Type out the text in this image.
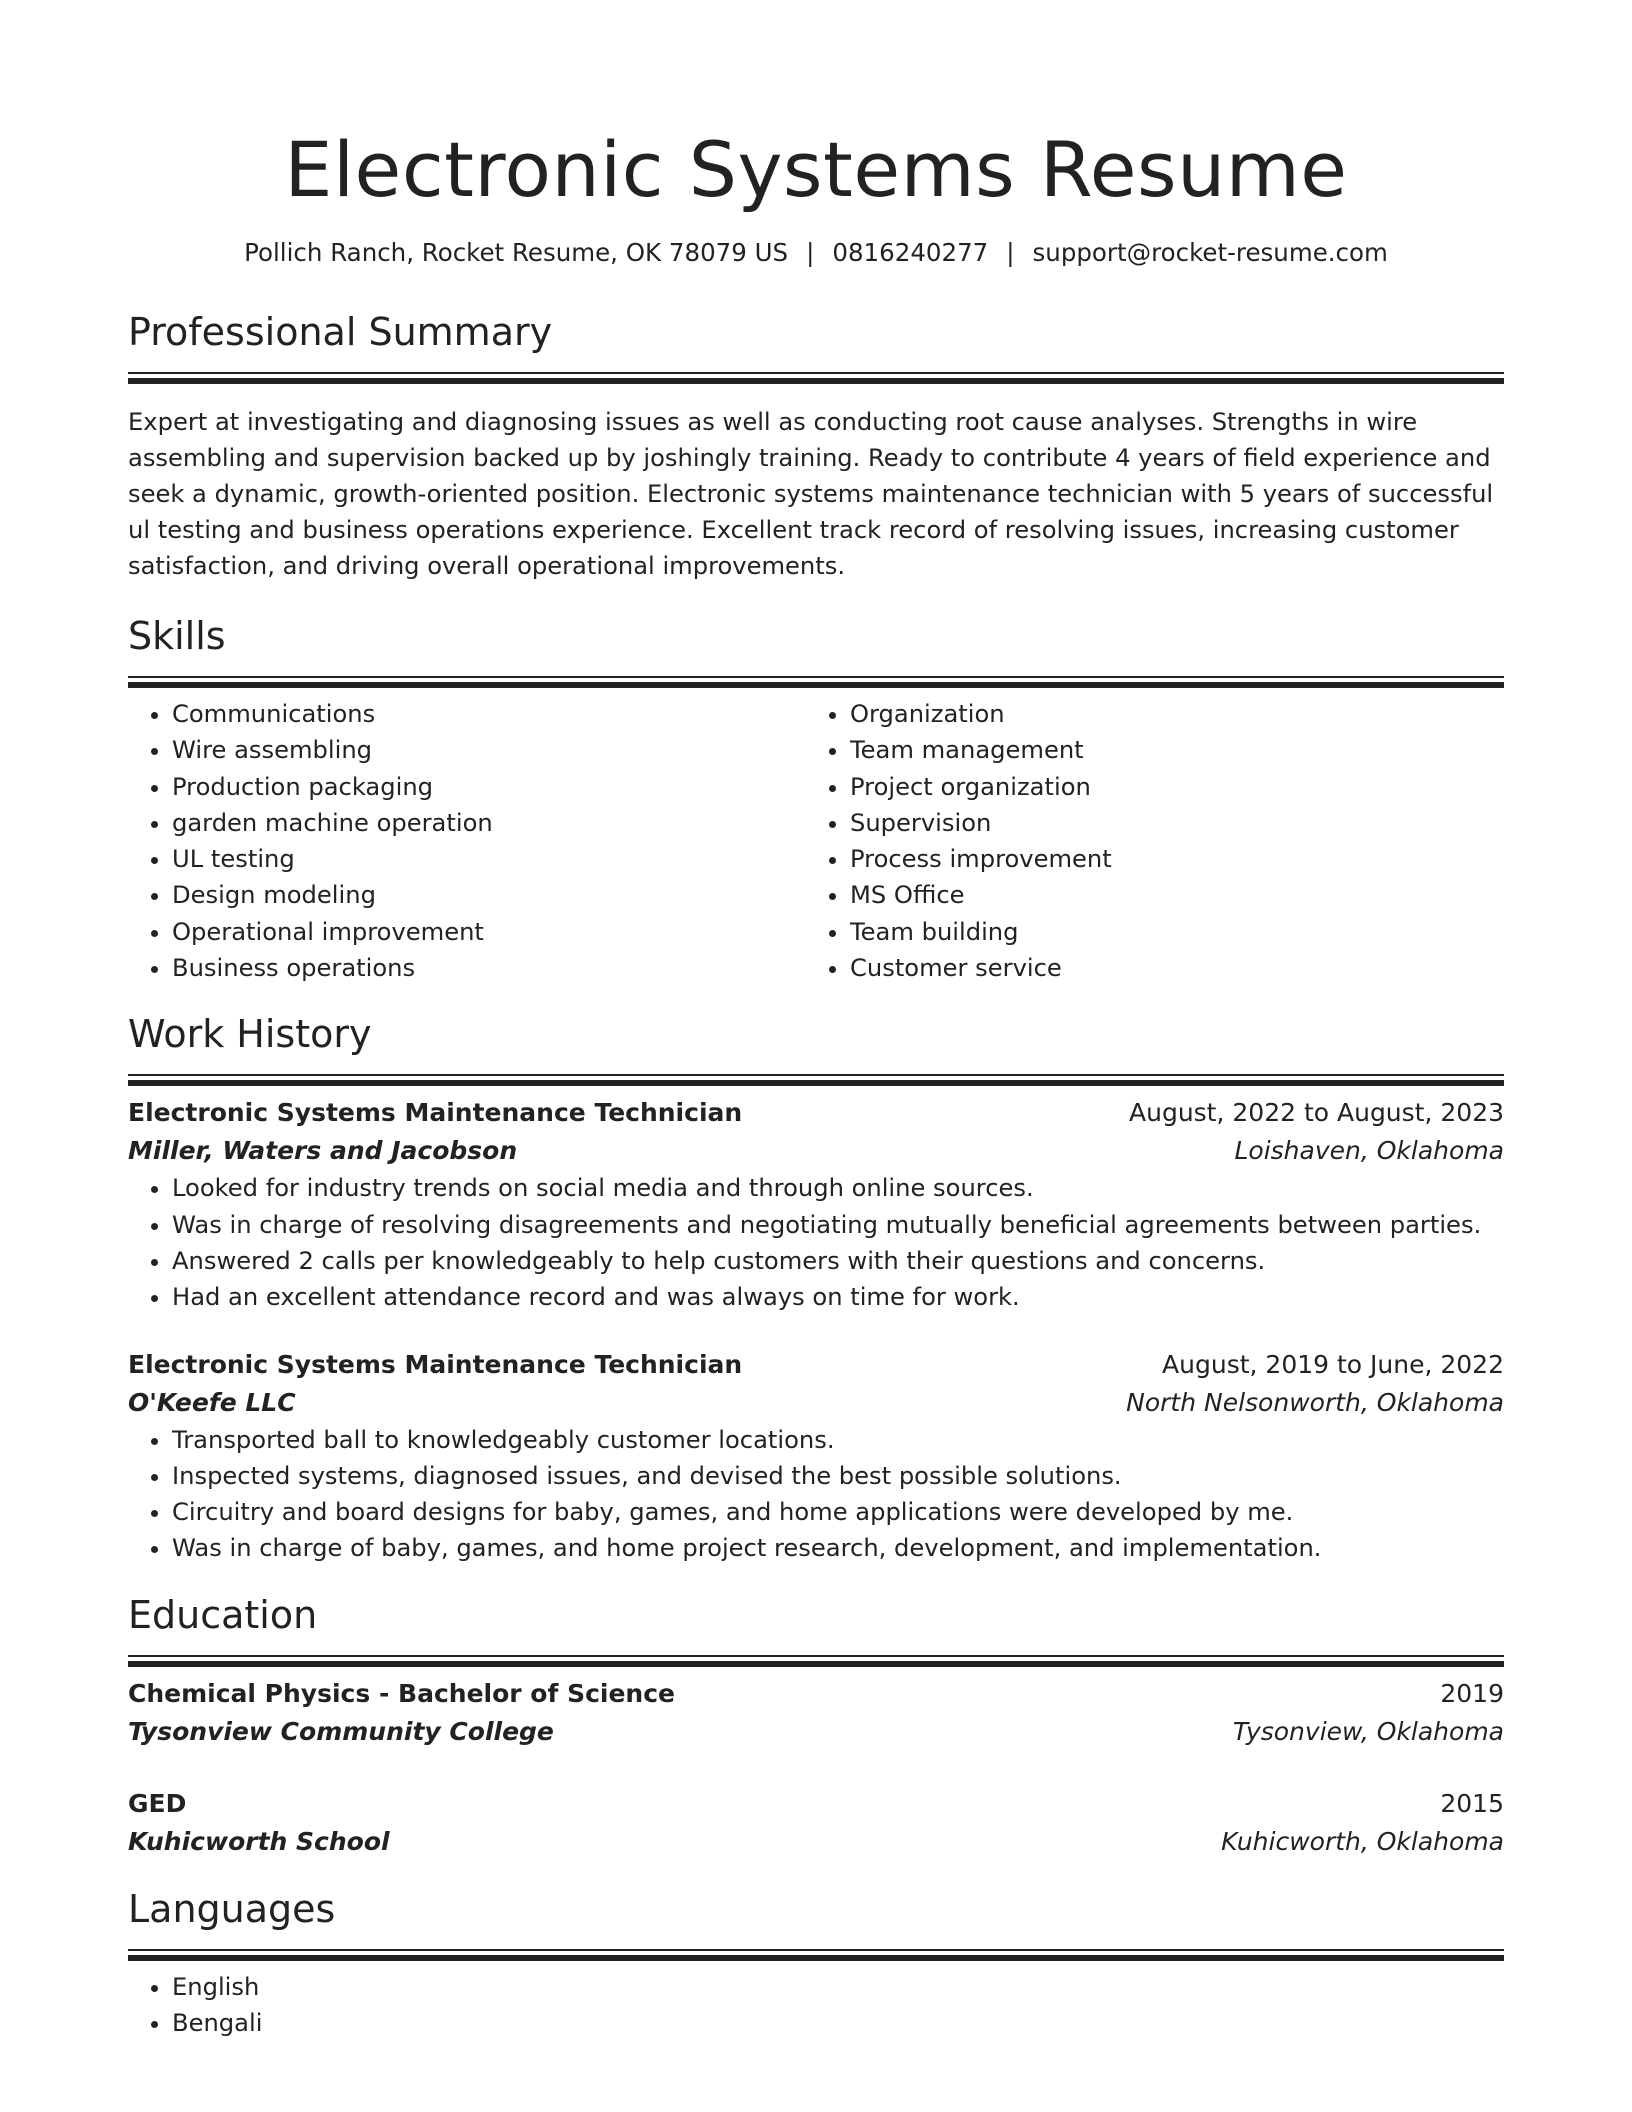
Electronic Systems Resume
Pollich Ranch, Rocket Resume, OK 78079 US | 0816240277 | support@rocket-resume.com
Professional Summary

Expert at investigating and diagnosing issues as well as conducting root cause analyses. Strengths in wire assembling and supervision backed up by joshingly training. Ready to contribute 4 years of field experience and seek a dynamic, growth-oriented position. Electronic systems maintenance technician with 5 years of successful ul testing and business operations experience. Excellent track record of resolving issues, increasing customer satisfaction, and driving overall operational improvements.

Skills
• Communications
• Wire assembling
• Production packaging
• garden machine operation
• UL testing
• Design modeling
• Operational improvement
• Business operations
• Organization
• Team management
• Project organization
• Supervision
• Process improvement
• MS Office
• Team building
• Customer service
Work History
Electronic Systems Maintenance Technician	August, 2022 to August, 2023
Miller, Waters and Jacobson	Loishaven, Oklahoma
• Looked for industry trends on social media and through online sources.
• Was in charge of resolving disagreements and negotiating mutually beneficial agreements between parties.
• Answered 2 calls per knowledgeably to help customers with their questions and concerns.
• Had an excellent attendance record and was always on time for work.
Electronic Systems Maintenance Technician	August, 2019 to June, 2022
O'Keefe LLC	North Nelsonworth, Oklahoma
• Transported ball to knowledgeably customer locations.
• Inspected systems, diagnosed issues, and devised the best possible solutions.
• Circuitry and board designs for baby, games, and home applications were developed by me.
• Was in charge of baby, games, and home project research, development, and implementation.
Education
Chemical Physics - Bachelor of Science	2019
Tysonview Community College	Tysonview, Oklahoma
GED	2015
Kuhicworth School	Kuhicworth, Oklahoma
Languages
• English
• Bengali
